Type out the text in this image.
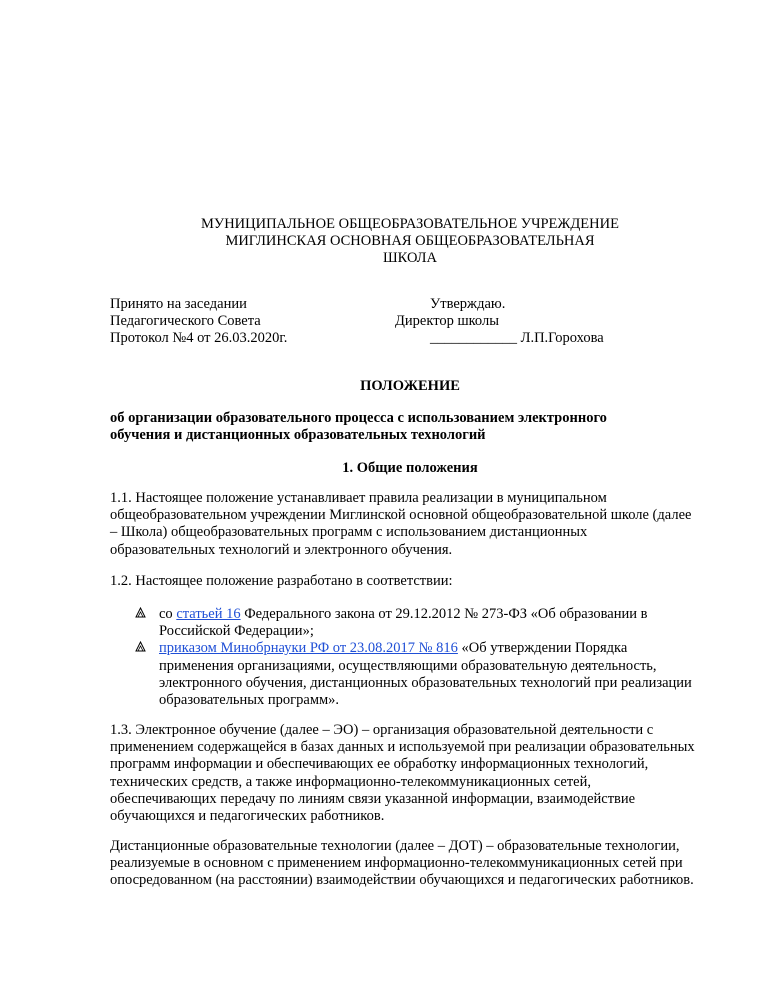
МУНИЦИПАЛЬНОЕ ОБЩЕОБРАЗОВАТЕЛЬНОЕ УЧРЕЖДЕНИЕ
МИГЛИНСКАЯ ОСНОВНАЯ ОБЩЕОБРАЗОВАТЕЛЬНАЯ
ШКОЛА
Принято на заседании
Педагогического Совета
Протокол №4 от 26.03.2020г.
Утверждаю.
Директор школы
____________ Л.П.Горохова
ПОЛОЖЕНИЕ
об организации образовательного процесса с использованием электронного обучения и дистанционных образовательных технологий
1. Общие положения
1.1. Настоящее положение устанавливает правила реализации в муниципальном общеобразовательном учреждении Миглинской основной общеобразовательной школе (далее – Школа) общеобразовательных программ с использованием дистанционных образовательных технологий и электронного обучения.
1.2. Настоящее положение разработано в соответствии:
со статьей 16 Федерального закона от 29.12.2012 № 273-ФЗ «Об образовании в Российской Федерации»;
приказом Минобрнауки РФ от 23.08.2017 № 816 «Об утверждении Порядка применения организациями, осуществляющими образовательную деятельность, электронного обучения, дистанционных образовательных технологий при реализации образовательных программ».
1.3. Электронное обучение (далее – ЭО) – организация образовательной деятельности с применением содержащейся в базах данных и используемой при реализации образовательных программ информации и обеспечивающих ее обработку информационных технологий, технических средств, а также информационно-телекоммуникационных сетей, обеспечивающих передачу по линиям связи указанной информации, взаимодействие обучающихся и педагогических работников.
Дистанционные образовательные технологии (далее – ДОТ) – образовательные технологии, реализуемые в основном с применением информационно-телекоммуникационных сетей при опосредованном (на расстоянии) взаимодействии обучающихся и педагогических работников.
